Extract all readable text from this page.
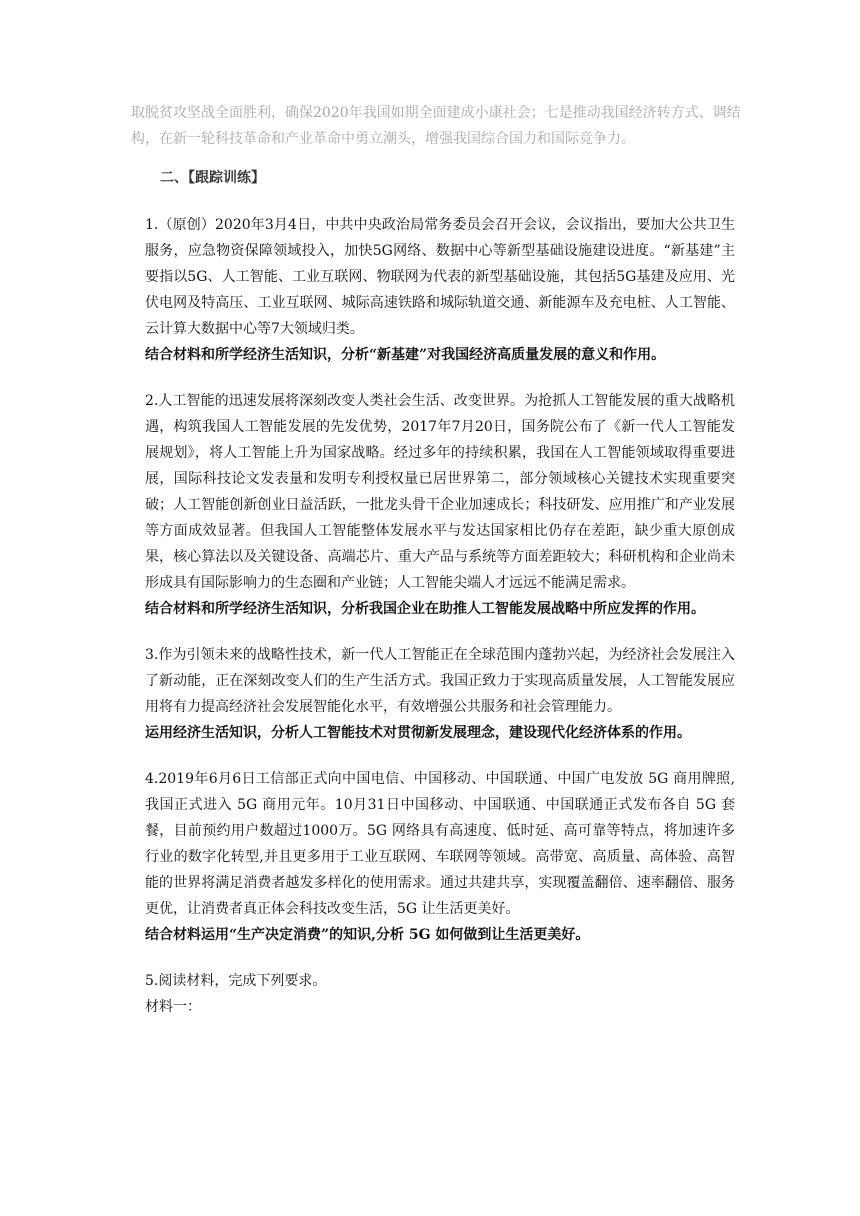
取脱贫攻坚战全面胜利，确保2020年我国如期全面建成小康社会；七是推动我国经济转方式、调结构，在新一轮科技革命和产业革命中勇立潮头，增强我国综合国力和国际竞争力。

二、【跟踪训练】

1.（原创）2020年3月4日，中共中央政治局常务委员会召开会议，会议指出，要加大公共卫生服务，应急物资保障领域投入，加快5G网络、数据中心等新型基础设施建设进度。“新基建”主要指以5G、人工智能、工业互联网、物联网为代表的新型基础设施，其包括5G基建及应用、光伏电网及特高压、工业互联网、城际高速铁路和城际轨道交通、新能源车及充电桩、人工智能、云计算大数据中心等7大领域归类。

结合材料和所学经济生活知识，分析“新基建”对我国经济高质量发展的意义和作用。

2.人工智能的迅速发展将深刻改变人类社会生活、改变世界。为抢抓人工智能发展的重大战略机遇，构筑我国人工智能发展的先发优势，2017年7月20日，国务院公布了《新一代人工智能发展规划》，将人工智能上升为国家战略。经过多年的持续积累，我国在人工智能领域取得重要进展，国际科技论文发表量和发明专利授权量已居世界第二，部分领域核心关键技术实现重要突破；人工智能创新创业日益活跃，一批龙头骨干企业加速成长；科技研发、应用推广和产业发展等方面成效显著。但我国人工智能整体发展水平与发达国家相比仍存在差距，缺少重大原创成果，核心算法以及关键设备、高端芯片、重大产品与系统等方面差距较大；科研机构和企业尚未形成具有国际影响力的生态圈和产业链；人工智能尖端人才远远不能满足需求。

结合材料和所学经济生活知识，分析我国企业在助推人工智能发展战略中所应发挥的作用。

3.作为引领未来的战略性技术，新一代人工智能正在全球范围内蓬勃兴起，为经济社会发展注入了新动能，正在深刻改变人们的生产生活方式。我国正致力于实现高质量发展，人工智能发展应用将有力提高经济社会发展智能化水平，有效增强公共服务和社会管理能力。

运用经济生活知识，分析人工智能技术对贯彻新发展理念，建设现代化经济体系的作用。

4.2019年6月6日工信部正式向中国电信、中国移动、中国联通、中国广电发放 5G 商用牌照,我国正式进入 5G 商用元年。10月31日中国移动、中国联通、中国联通正式发布各自 5G 套餐，目前预约用户数超过1000万。5G 网络具有高速度、低时延、高可靠等特点，将加速许多行业的数字化转型,并且更多用于工业互联网、车联网等领域。高带宽、高质量、高体验、高智能的世界将满足消费者越发多样化的使用需求。通过共建共享，实现覆盖翻倍、速率翻倍、服务更优，让消费者真正体会科技改变生活，5G 让生活更美好。

结合材料运用“生产决定消费”的知识,分析 5G 如何做到让生活更美好。

5.阅读材料，完成下列要求。

材料一：
